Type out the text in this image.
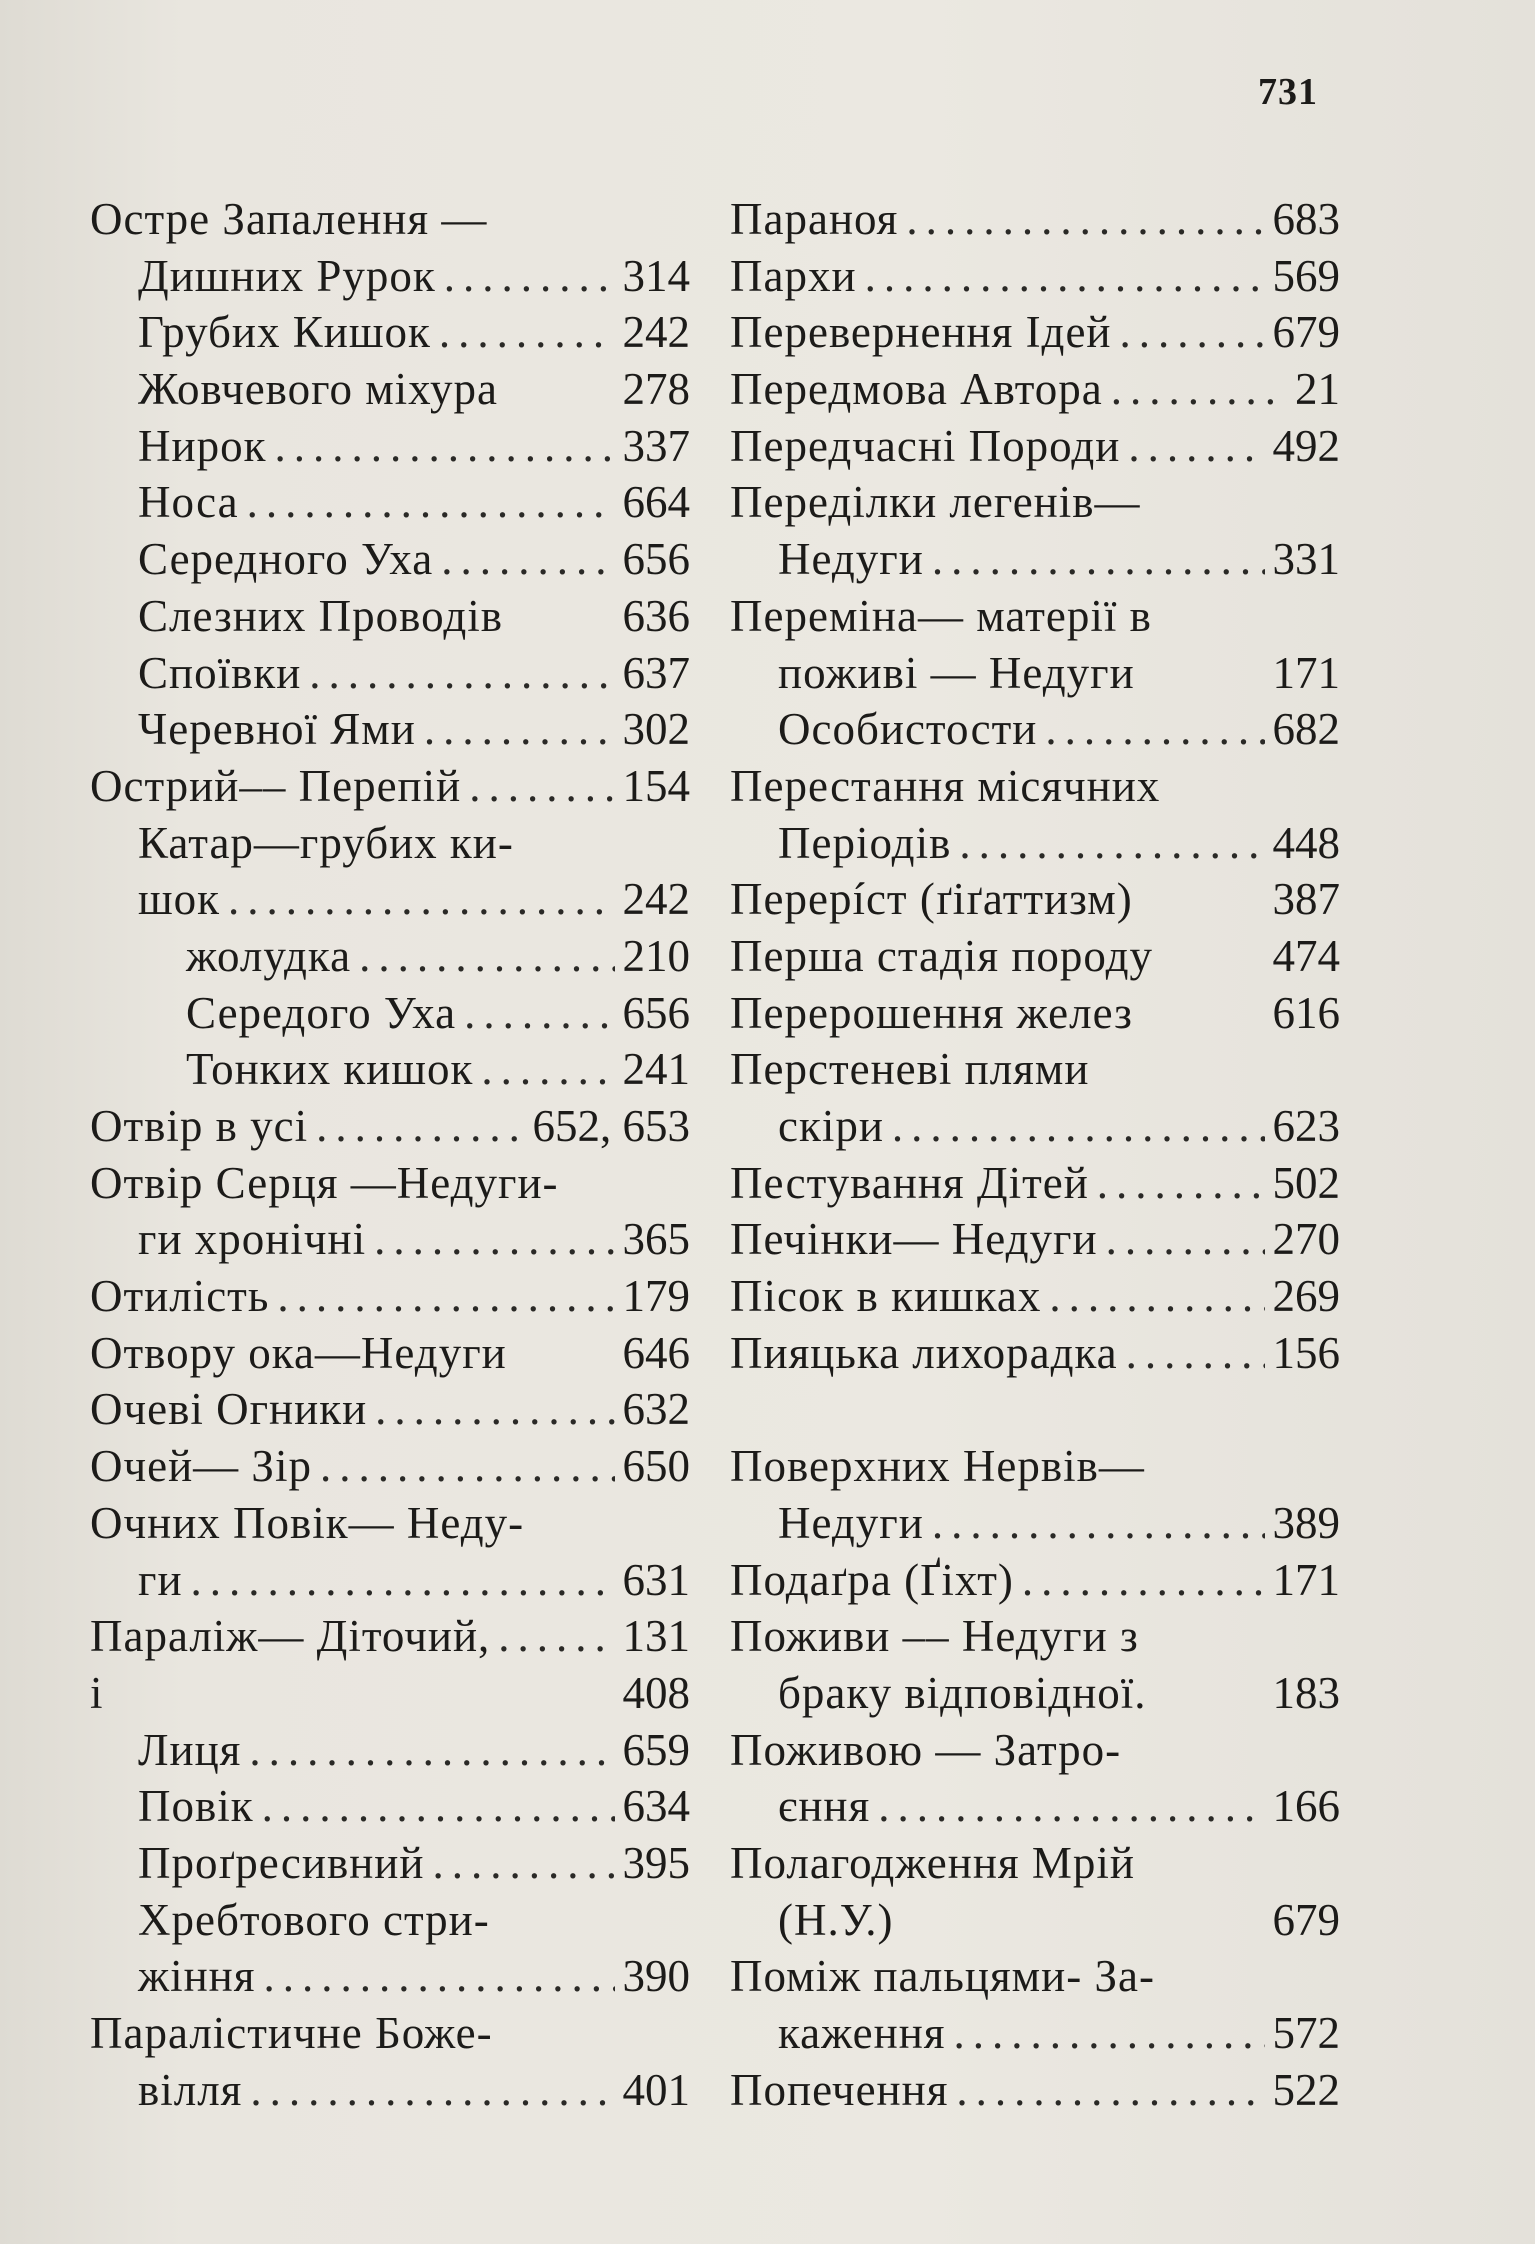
731
Остре Запалення —
Дишних Рурок .....	314
Грубих Кишок .....	242
Жовчевого міхура	278
Нирок .....	337
Носа .....	664
Середного Уха .....	656
Слезних Проводів	636
Споївки .....	637
Черевної Ями .....	302
Острий–– Перепій .....	154
Катар—грубих ки-
шок .....	242
жолудка .....	210
Середого Уха .....	656
Тонких кишок .....	241
Отвір в усі .....	652, 653
Отвір Серця —Недуги-
ги хронічні .....	365
Отилість .....	179
Отвору ока—Недуги	646
Очеві Огники .....	632
Очей— Зір .....	650
Очних Повік— Неду-
ги .....	631
Параліж— Діточий, .....	131
і	408
Лиця .....	659
Повік .....	634
Проґресивний .....	395
Хребтового стри-
жіння .....	390
Паралістичне Боже-
вілля .....	401
Параноя .....	683
Пархи .....	569
Перевернення Ідей .....	679
Передмова Автора .....	21
Передчасні Породи .....	492
Переділки легенів—
Недуги .....	331
Переміна— матерії в
поживі — Недуги	171
Особистости .....	682
Перестання місячних
Періодів .....	448
Перерíст (ґіґаттизм)	387
Перша стадія породу	474
Перерошення желез	616
Перстеневі плями
скіри .....	623
Пестування Дітей .....	502
Печінки— Недуги .....	270
Пісок в кишках .....	269
Пияцька лихорадка .....	156
Поверхних Нервів—
Недуги .....	389
Подаґра (Ґіхт) .....	171
Поживи –– Недуги з
браку відповідної.	183
Поживою — Затро-
єння .....	166
Полагодження Мрій
(Н.У.)	679
Поміж пальцями- За-
каження .....	572
Попечення .....	522
